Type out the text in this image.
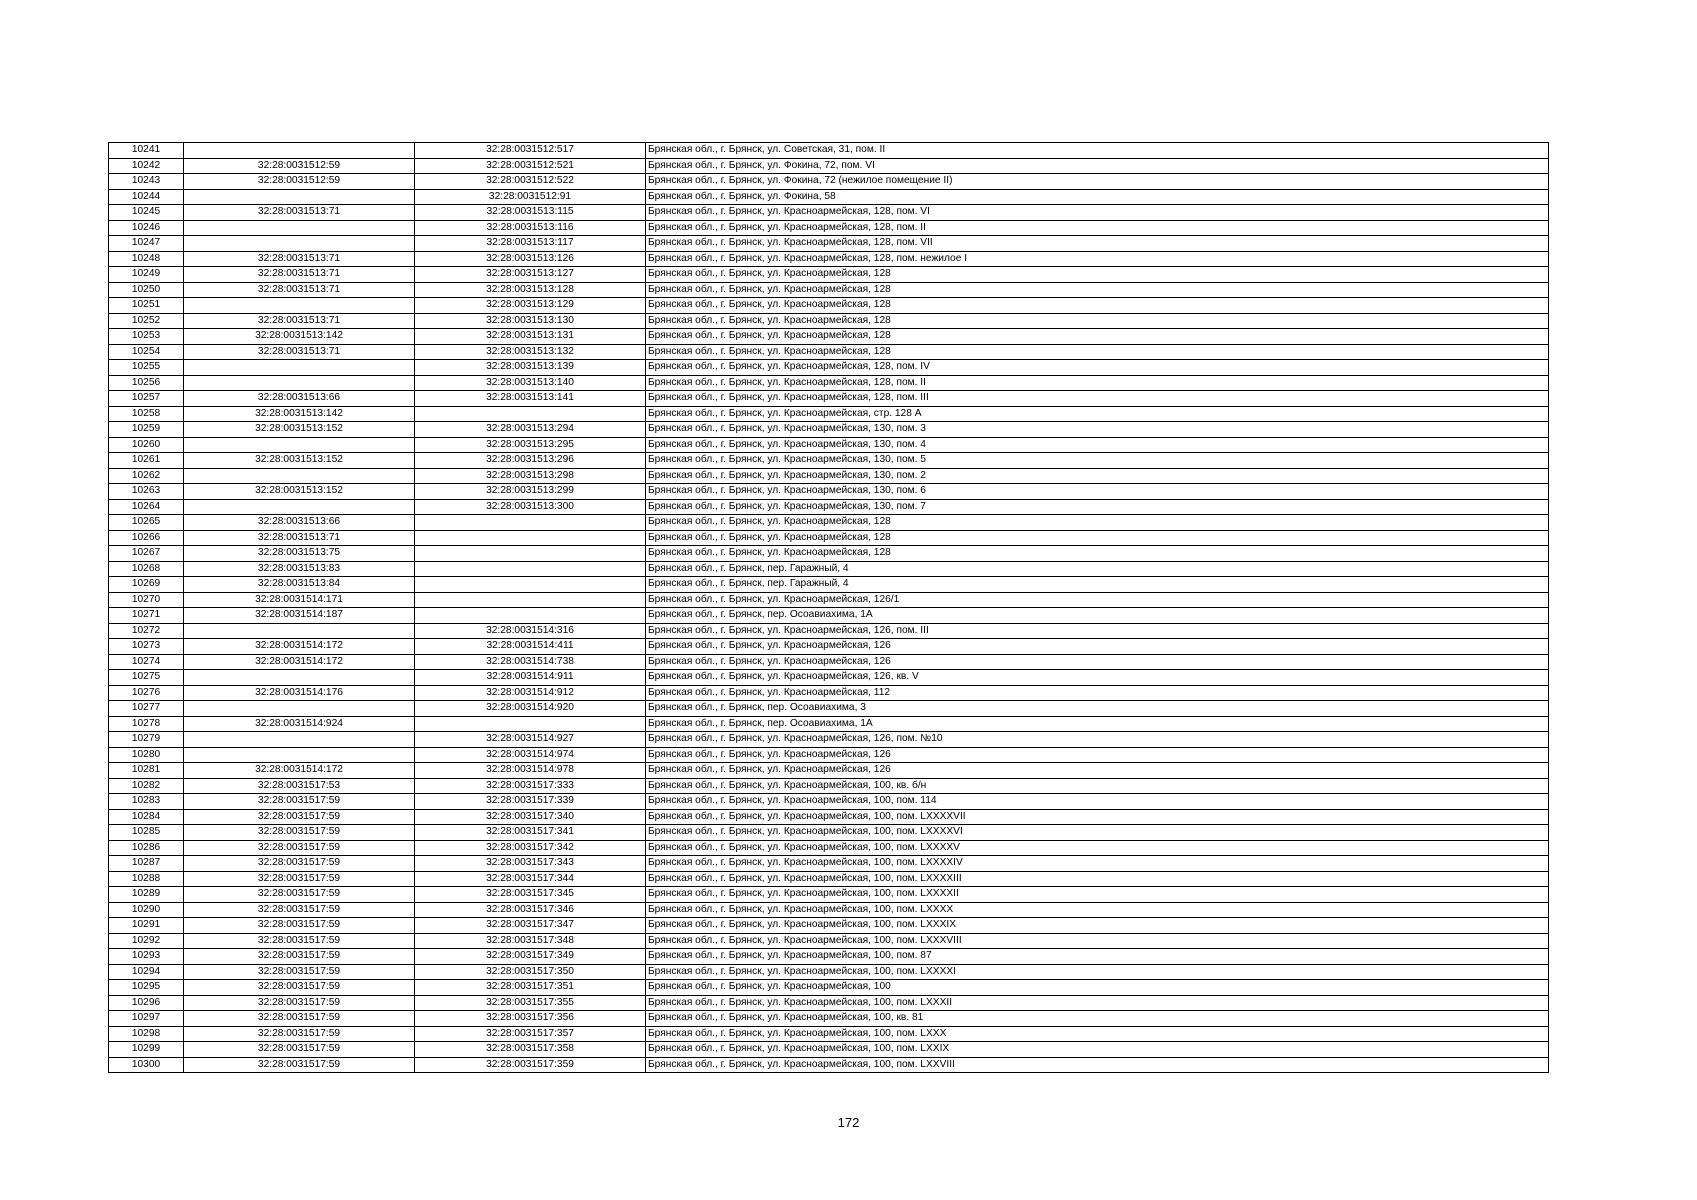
10241		32:28:0031512:517	Брянская обл., г. Брянск, ул. Советская, 31, пом. II
10242	32:28:0031512:59	32:28:0031512:521	Брянская обл., г. Брянск, ул. Фокина, 72, пом. VI
10243	32:28:0031512:59	32:28:0031512:522	Брянская обл., г. Брянск, ул. Фокина, 72 (нежилое помещение II)
10244		32:28:0031512:91	Брянская обл., г. Брянск, ул. Фокина, 58
10245	32:28:0031513:71	32:28:0031513:115	Брянская обл., г. Брянск, ул. Красноармейская, 128, пом. VI
10246		32:28:0031513:116	Брянская обл., г. Брянск, ул. Красноармейская, 128, пом. II
10247		32:28:0031513:117	Брянская обл., г. Брянск, ул. Красноармейская, 128, пом. VII
10248	32:28:0031513:71	32:28:0031513:126	Брянская обл., г. Брянск, ул. Красноармейская, 128, пом. нежилое I
10249	32:28:0031513:71	32:28:0031513:127	Брянская обл., г. Брянск, ул. Красноармейская, 128
10250	32:28:0031513:71	32:28:0031513:128	Брянская обл., г. Брянск, ул. Красноармейская, 128
10251		32:28:0031513:129	Брянская обл., г. Брянск, ул. Красноармейская, 128
10252	32:28:0031513:71	32:28:0031513:130	Брянская обл., г. Брянск, ул. Красноармейская, 128
10253	32:28:0031513:142	32:28:0031513:131	Брянская обл., г. Брянск, ул. Красноармейская, 128
10254	32:28:0031513:71	32:28:0031513:132	Брянская обл., г. Брянск, ул. Красноармейская, 128
10255		32:28:0031513:139	Брянская обл., г. Брянск, ул. Красноармейская, 128, пом. IV
10256		32:28:0031513:140	Брянская обл., г. Брянск, ул. Красноармейская, 128, пом. II
10257	32:28:0031513:66	32:28:0031513:141	Брянская обл., г. Брянск, ул. Красноармейская, 128, пом. III
10258	32:28:0031513:142		Брянская обл., г. Брянск, ул. Красноармейская, стр. 128 А
10259	32:28:0031513:152	32:28:0031513:294	Брянская обл., г. Брянск, ул. Красноармейская, 130, пом. 3
10260		32:28:0031513:295	Брянская обл., г. Брянск, ул. Красноармейская, 130, пом. 4
10261	32:28:0031513:152	32:28:0031513:296	Брянская обл., г. Брянск, ул. Красноармейская, 130, пом. 5
10262		32:28:0031513:298	Брянская обл., г. Брянск, ул. Красноармейская, 130, пом. 2
10263	32:28:0031513:152	32:28:0031513:299	Брянская обл., г. Брянск, ул. Красноармейская, 130, пом. 6
10264		32:28:0031513:300	Брянская обл., г. Брянск, ул. Красноармейская, 130, пом. 7
10265	32:28:0031513:66		Брянская обл., г. Брянск, ул. Красноармейская, 128
10266	32:28:0031513:71		Брянская обл., г. Брянск, ул. Красноармейская, 128
10267	32:28:0031513:75		Брянская обл., г. Брянск, ул. Красноармейская, 128
10268	32:28:0031513:83		Брянская обл., г. Брянск, пер. Гаражный, 4
10269	32:28:0031513:84		Брянская обл., г. Брянск, пер. Гаражный, 4
10270	32:28:0031514:171		Брянская обл., г. Брянск, ул. Красноармейская, 126/1
10271	32:28:0031514:187		Брянская обл., г. Брянск, пер. Осоавиахима, 1А
10272		32:28:0031514:316	Брянская обл., г. Брянск, ул. Красноармейская, 126, пом. III
10273	32:28:0031514:172	32:28:0031514:411	Брянская обл., г. Брянск, ул. Красноармейская, 126
10274	32:28:0031514:172	32:28:0031514:738	Брянская обл., г. Брянск, ул. Красноармейская, 126
10275		32:28:0031514:911	Брянская обл., г. Брянск, ул. Красноармейская, 126, кв. V
10276	32:28:0031514:176	32:28:0031514:912	Брянская обл., г. Брянск, ул. Красноармейская, 112
10277		32:28:0031514:920	Брянская обл., г. Брянск, пер. Осоавиахима, 3
10278	32:28:0031514:924		Брянская обл., г. Брянск, пер. Осоавиахима, 1А
10279		32:28:0031514:927	Брянская обл., г. Брянск, ул. Красноармейская, 126, пом. №10
10280		32:28:0031514:974	Брянская обл., г. Брянск, ул. Красноармейская, 126
10281	32:28:0031514:172	32:28:0031514:978	Брянская обл., г. Брянск, ул. Красноармейская, 126
10282	32:28:0031517:53	32:28:0031517:333	Брянская обл., г. Брянск, ул. Красноармейская, 100, кв. б/н
10283	32:28:0031517:59	32:28:0031517:339	Брянская обл., г. Брянск, ул. Красноармейская, 100, пом. 114
10284	32:28:0031517:59	32:28:0031517:340	Брянская обл., г. Брянск, ул. Красноармейская, 100, пом. LXXXXVII
10285	32:28:0031517:59	32:28:0031517:341	Брянская обл., г. Брянск, ул. Красноармейская, 100, пом. LXXXXVI
10286	32:28:0031517:59	32:28:0031517:342	Брянская обл., г. Брянск, ул. Красноармейская, 100, пом. LXXXXV
10287	32:28:0031517:59	32:28:0031517:343	Брянская обл., г. Брянск, ул. Красноармейская, 100, пом. LXXXXIV
10288	32:28:0031517:59	32:28:0031517:344	Брянская обл., г. Брянск, ул. Красноармейская, 100, пом. LXXXXIII
10289	32:28:0031517:59	32:28:0031517:345	Брянская обл., г. Брянск, ул. Красноармейская, 100, пом. LXXXXII
10290	32:28:0031517:59	32:28:0031517:346	Брянская обл., г. Брянск, ул. Красноармейская, 100, пом. LXXXX
10291	32:28:0031517:59	32:28:0031517:347	Брянская обл., г. Брянск, ул. Красноармейская, 100, пом. LXXXIX
10292	32:28:0031517:59	32:28:0031517:348	Брянская обл., г. Брянск, ул. Красноармейская, 100, пом. LXXXVIII
10293	32:28:0031517:59	32:28:0031517:349	Брянская обл., г. Брянск, ул. Красноармейская, 100, пом. 87
10294	32:28:0031517:59	32:28:0031517:350	Брянская обл., г. Брянск, ул. Красноармейская, 100, пом. LXXXXI
10295	32:28:0031517:59	32:28:0031517:351	Брянская обл., г. Брянск, ул. Красноармейская, 100
10296	32:28:0031517:59	32:28:0031517:355	Брянская обл., г. Брянск, ул. Красноармейская, 100, пом. LXXXII
10297	32:28:0031517:59	32:28:0031517:356	Брянская обл., г. Брянск, ул. Красноармейская, 100, кв. 81
10298	32:28:0031517:59	32:28:0031517:357	Брянская обл., г. Брянск, ул. Красноармейская, 100, пом. LXXX
10299	32:28:0031517:59	32:28:0031517:358	Брянская обл., г. Брянск, ул. Красноармейская, 100, пом. LXXIX
10300	32:28:0031517:59	32:28:0031517:359	Брянская обл., г. Брянск, ул. Красноармейская, 100, пом. LXXVIII
172
